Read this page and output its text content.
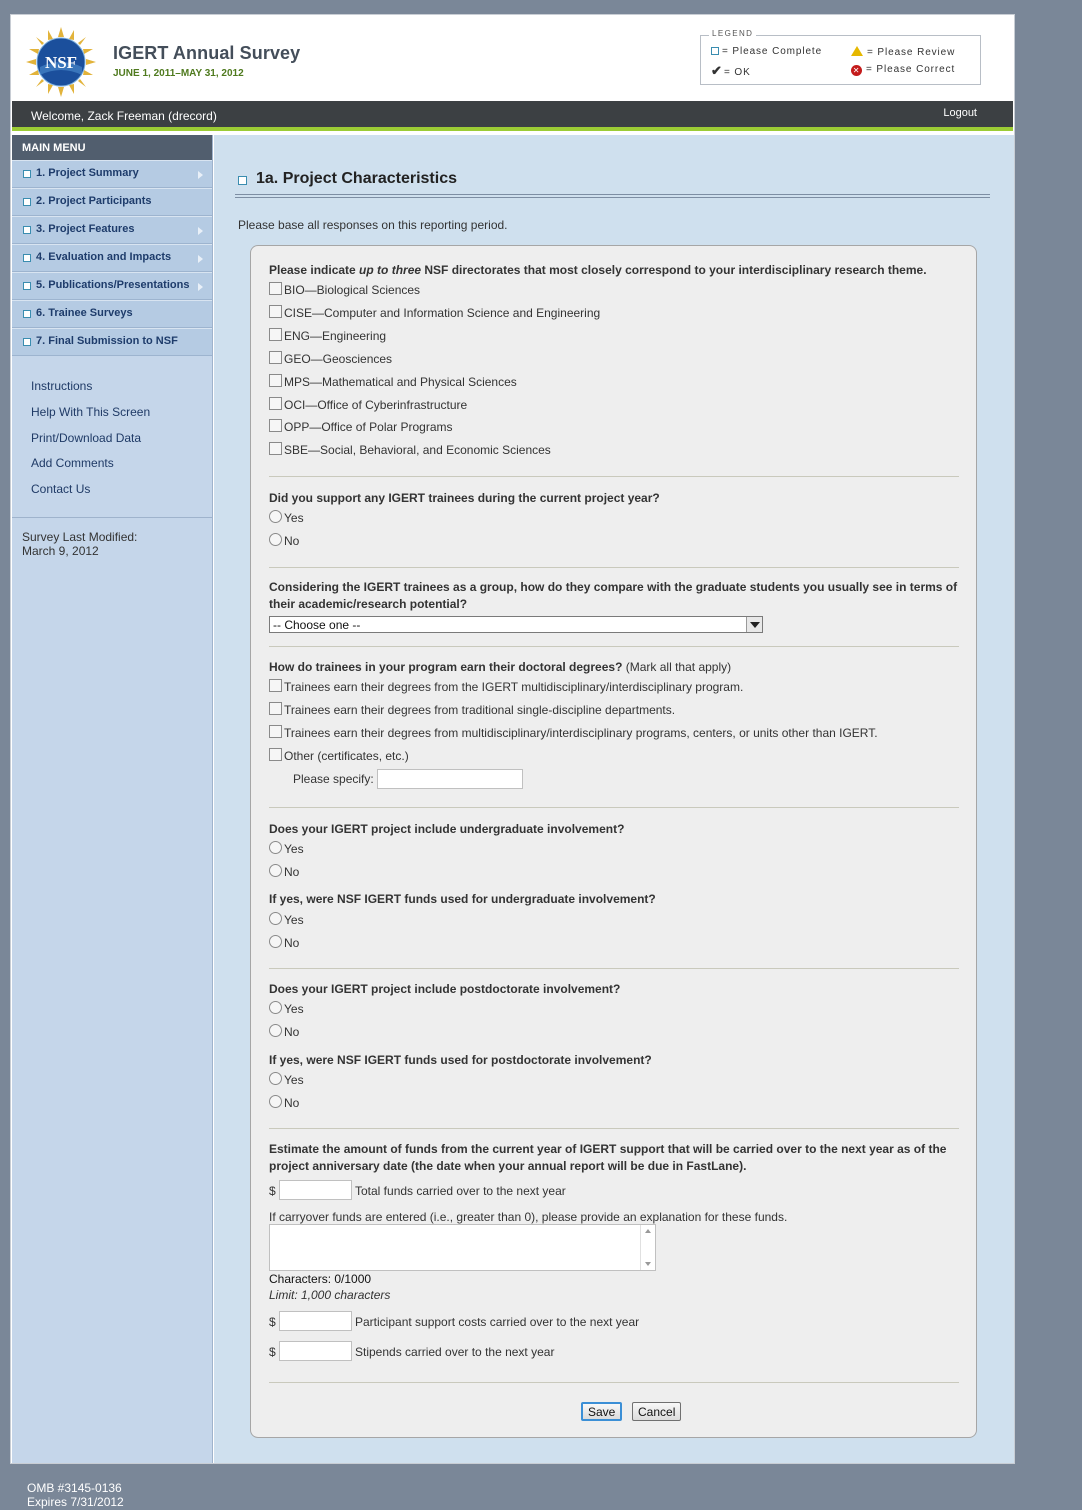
NSF IGERT Annual Survey
JUNE 1, 2011–MAY 31, 2012
LEGEND
= Please Complete	= Please Review
✔= OK	✕ = Please Correct
Welcome, Zack Freeman (drecord)	Logout
MAIN MENU
1. Project Summary
2. Project Participants
3. Project Features
4. Evaluation and Impacts
5. Publications/Presentations
6. Trainee Surveys
7. Final Submission to NSF
Instructions
Help With This Screen
Print/Download Data
Add Comments
Contact Us
Survey Last Modified:
March 9, 2012
1a. Project Characteristics
Please base all responses on this reporting period.
Please indicate up to three NSF directorates that most closely correspond to your interdisciplinary research theme.
BIO—Biological Sciences
CISE—Computer and Information Science and Engineering
ENG—Engineering
GEO—Geosciences
MPS—Mathematical and Physical Sciences
OCI—Office of Cyberinfrastructure
OPP—Office of Polar Programs
SBE—Social, Behavioral, and Economic Sciences
Did you support any IGERT trainees during the current project year?
Yes
No
Considering the IGERT trainees as a group, how do they compare with the graduate students you usually see in terms of their academic/research potential?
-- Choose one --
How do trainees in your program earn their doctoral degrees? (Mark all that apply)
Trainees earn their degrees from the IGERT multidisciplinary/interdisciplinary program.
Trainees earn their degrees from traditional single-discipline departments.
Trainees earn their degrees from multidisciplinary/interdisciplinary programs, centers, or units other than IGERT.
Other (certificates, etc.)
Please specify:
Does your IGERT project include undergraduate involvement?
Yes
No
If yes, were NSF IGERT funds used for undergraduate involvement?
Yes
No
Does your IGERT project include postdoctorate involvement?
Yes
No
If yes, were NSF IGERT funds used for postdoctorate involvement?
Yes
No
Estimate the amount of funds from the current year of IGERT support that will be carried over to the next year as of the project anniversary date (the date when your annual report will be due in FastLane).
$	Total funds carried over to the next year
If carryover funds are entered (i.e., greater than 0), please provide an explanation for these funds.
Characters: 0/1000
Limit: 1,000 characters
$	Participant support costs carried over to the next year
$	Stipends carried over to the next year
Save	Cancel
OMB #3145-0136
Expires 7/31/2012
